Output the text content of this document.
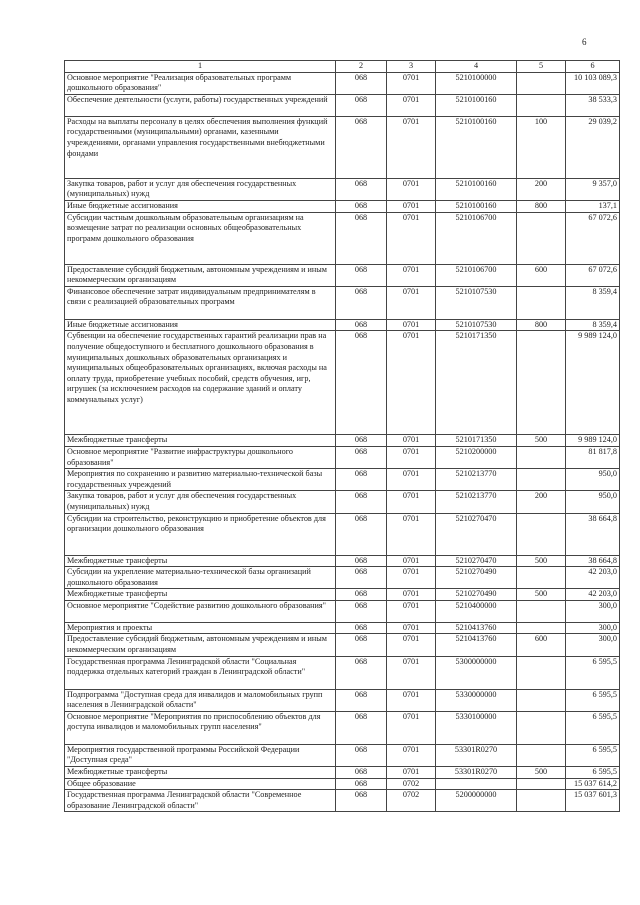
6
1	2	3	4	5	6
Основное мероприятие "Реализация образовательных программ дошкольного образования"	068	0701	5210100000		10 103 089,3
Обеспечение деятельности (услуги, работы) государственных учреждений	068	0701	5210100160		38 533,3
Расходы на выплаты персоналу в целях обеспечения выполнения функций государственными (муниципальными) органами, казенными учреждениями, органами управления государственными внебюджетными фондами	068	0701	5210100160	100	29 039,2
Закупка товаров, работ и услуг для обеспечения государственных (муниципальных) нужд	068	0701	5210100160	200	9 357,0
Иные бюджетные ассигнования	068	0701	5210100160	800	137,1
Субсидии частным дошкольным образовательным организациям на возмещение затрат по реализации основных общеобразовательных программ дошкольного образования	068	0701	5210106700		67 072,6
Предоставление субсидий бюджетным, автономным учреждениям и иным некоммерческим организациям	068	0701	5210106700	600	67 072,6
Финансовое обеспечение затрат индивидуальным предпринимателям в связи с реализацией образовательных программ	068	0701	5210107530		8 359,4
Иные бюджетные ассигнования	068	0701	5210107530	800	8 359,4
Субвенции на обеспечение государственных гарантий реализации прав на получение общедоступного и бесплатного дошкольного образования в муниципальных дошкольных образовательных организациях и муниципальных общеобразовательных организациях, включая расходы на оплату труда, приобретение учебных пособий, средств обучения, игр, игрушек (за исключением расходов на содержание зданий и оплату коммунальных услуг)	068	0701	5210171350		9 989 124,0
Межбюджетные трансферты	068	0701	5210171350	500	9 989 124,0
Основное мероприятие "Развитие инфраструктуры дошкольного образования"	068	0701	5210200000		81 817,8
Мероприятия по сохранению и развитию материально-технической базы государственных учреждений	068	0701	5210213770		950,0
Закупка товаров, работ и услуг для обеспечения государственных (муниципальных) нужд	068	0701	5210213770	200	950,0
Субсидии на строительство, реконструкцию и приобретение объектов для организации дошкольного образования	068	0701	5210270470		38 664,8
Межбюджетные трансферты	068	0701	5210270470	500	38 664,8
Субсидии на укрепление материально-технической базы организаций дошкольного образования	068	0701	5210270490		42 203,0
Межбюджетные трансферты	068	0701	5210270490	500	42 203,0
Основное мероприятие "Содействие развитию дошкольного образования"	068	0701	5210400000		300,0
Мероприятия и проекты	068	0701	5210413760		300,0
Предоставление субсидий бюджетным, автономным учреждениям и иным некоммерческим организациям	068	0701	5210413760	600	300,0
Государственная программа Ленинградской области "Социальная поддержка отдельных категорий граждан в Ленинградской области"	068	0701	5300000000		6 595,5
Подпрограмма "Доступная среда для инвалидов и маломобильных групп населения в Ленинградской области"	068	0701	5330000000		6 595,5
Основное мероприятие "Мероприятия по приспособлению объектов для доступа инвалидов и маломобильных групп населения"	068	0701	5330100000		6 595,5
Мероприятия государственной программы Российской Федерации "Доступная среда"	068	0701	53301R0270		6 595,5
Межбюджетные трансферты	068	0701	53301R0270	500	6 595,5
Общее образование	068	0702			15 037 614,2
Государственная программа Ленинградской области "Современное образование Ленинградской области"	068	0702	5200000000		15 037 601,3
